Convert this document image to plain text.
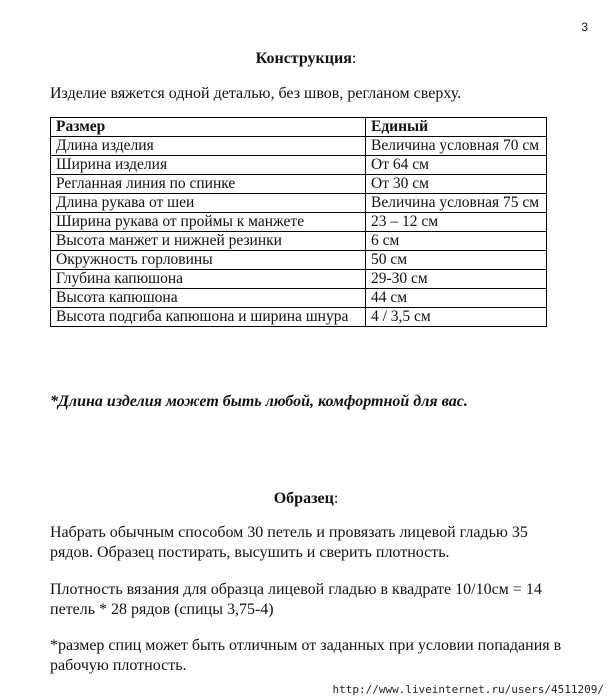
3
Конструкция:
Изделие вяжется одной деталью, без швов, регланом сверху.
Размер	Единый
Длина изделия	Величина условная 70 см
Ширина изделия	От 64 см
Регланная линия по спинке	От 30 см
Длина рукава от шеи	Величина условная 75 см
Ширина рукава от проймы к манжете	23 – 12 см
Высота манжет и нижней резинки	6 см
Окружность горловины	50 см
Глубина капюшона	29-30 см
Высота капюшона	44 см
Высота подгиба капюшона и ширина шнура	4 / 3,5 см
*Длина изделия может быть любой, комфортной для вас.
Образец:
Набрать обычным способом 30 петель и провязать лицевой гладью 35 рядов. Образец постирать, высушить и сверить плотность.
Плотность вязания для образца лицевой гладью в квадрате 10/10см = 14 петель * 28 рядов (спицы 3,75-4)
*размер спиц может быть отличным от заданных при условии попадания в рабочую плотность.
http://www.liveinternet.ru/users/4511209/
